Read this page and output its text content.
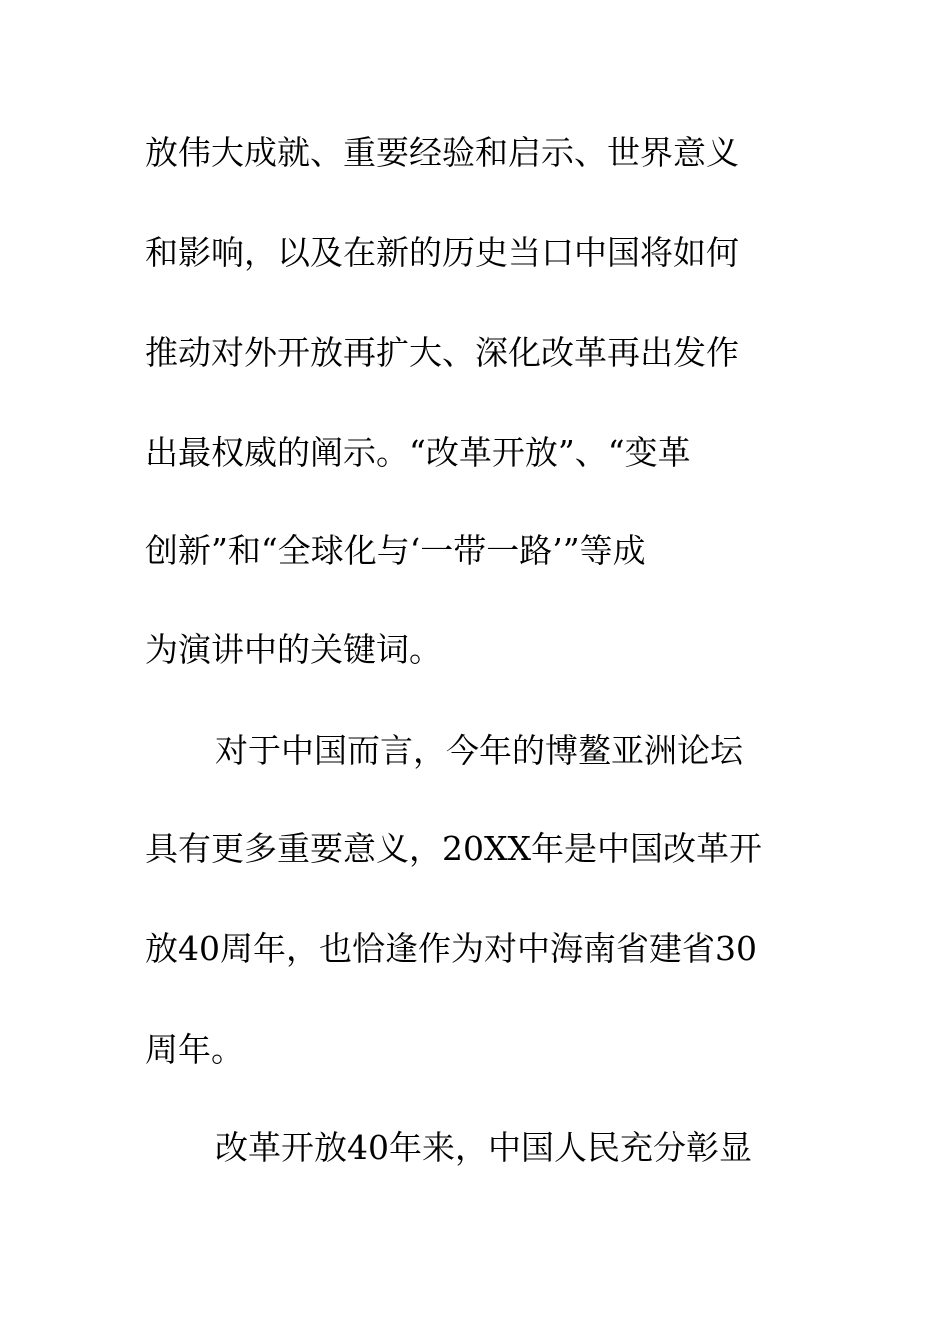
放伟大成就、重要经验和启示、世界意义
和影响，以及在新的历史当口中国将如何
推动对外开放再扩大、深化改革再出发作
出最权威的阐示。“改革开放”、“变革
创新”和“全球化与‘一带一路’”等成
为演讲中的关键词。
对于中国而言，今年的博鳌亚洲论坛
具有更多重要意义，20XX年是中国改革开
放40周年，也恰逢作为对中海南省建省30
周年。
改革开放40年来，中国人民充分彰显
